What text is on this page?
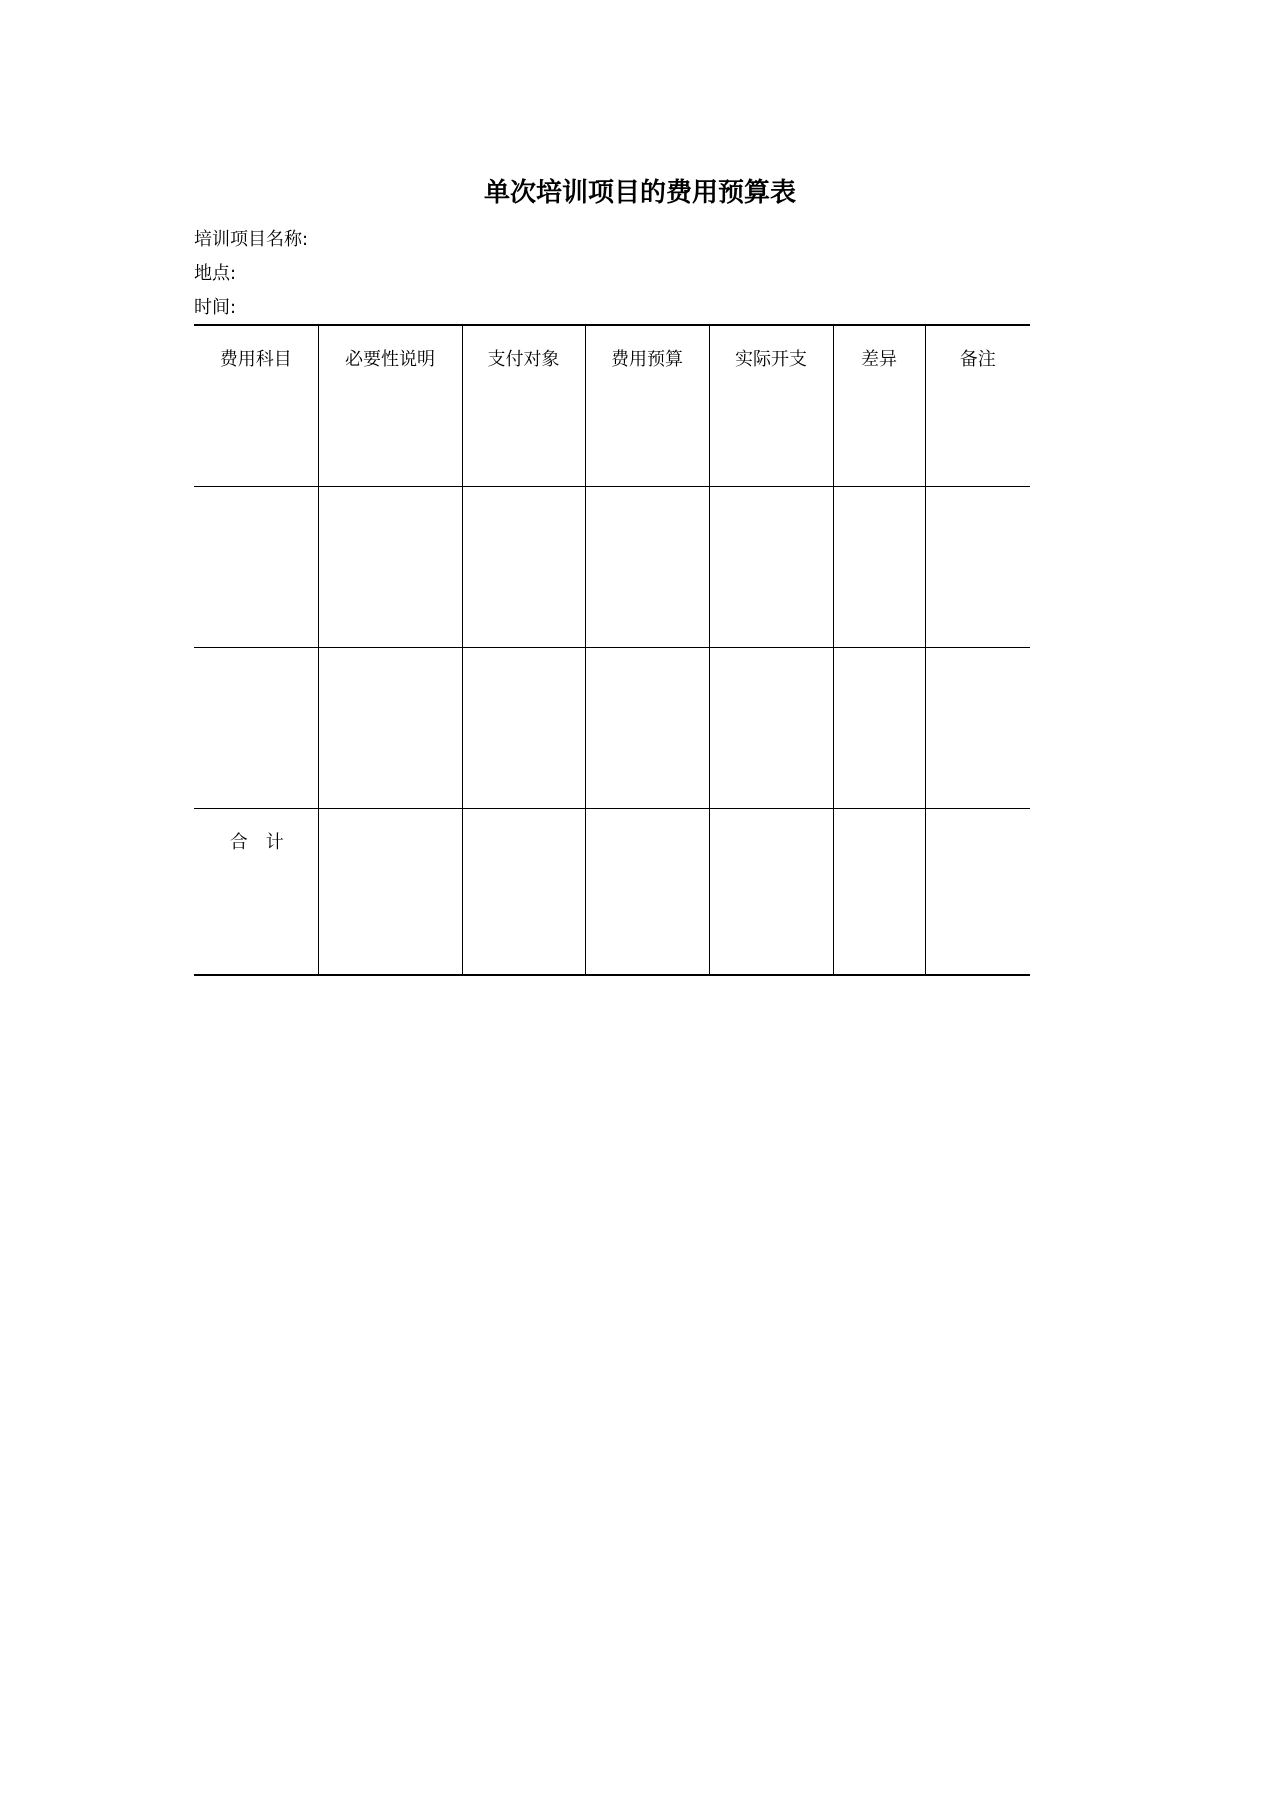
单次培训项目的费用预算表

培训项目名称:

地点:

时间:

费用科目	必要性说明	支付对象	费用预算	实际开支	差异	备注

合计						
